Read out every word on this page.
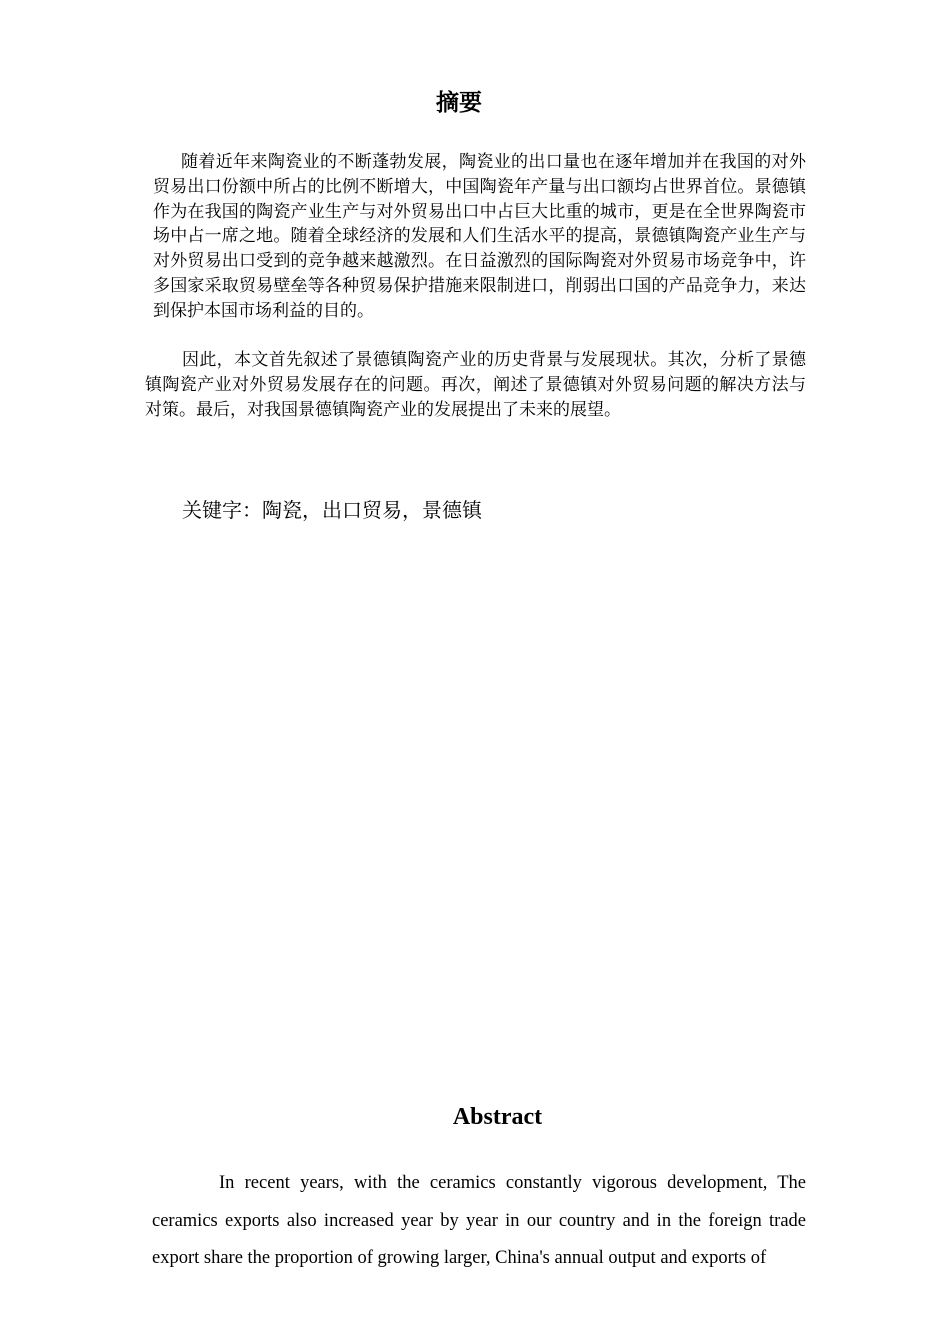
摘要

随着近年来陶瓷业的不断蓬勃发展，陶瓷业的出口量也在逐年增加并在我国的对外贸易出口份额中所占的比例不断增大，中国陶瓷年产量与出口额均占世界首位。景德镇作为在我国的陶瓷产业生产与对外贸易出口中占巨大比重的城市，更是在全世界陶瓷市场中占一席之地。随着全球经济的发展和人们生活水平的提高，景德镇陶瓷产业生产与对外贸易出口受到的竞争越来越激烈。在日益激烈的国际陶瓷对外贸易市场竞争中，许多国家采取贸易壁垒等各种贸易保护措施来限制进口，削弱出口国的产品竞争力，来达到保护本国市场利益的目的。

因此，本文首先叙述了景德镇陶瓷产业的历史背景与发展现状。其次，分析了景德镇陶瓷产业对外贸易发展存在的问题。再次，阐述了景德镇对外贸易问题的解决方法与对策。最后，对我国景德镇陶瓷产业的发展提出了未来的展望。

关键字：陶瓷，出口贸易，景德镇

Abstract

In recent years, with the ceramics constantly vigorous development, The ceramics exports also increased year by year in our country and in the foreign trade export share the proportion of growing larger, China's annual output and exports of
